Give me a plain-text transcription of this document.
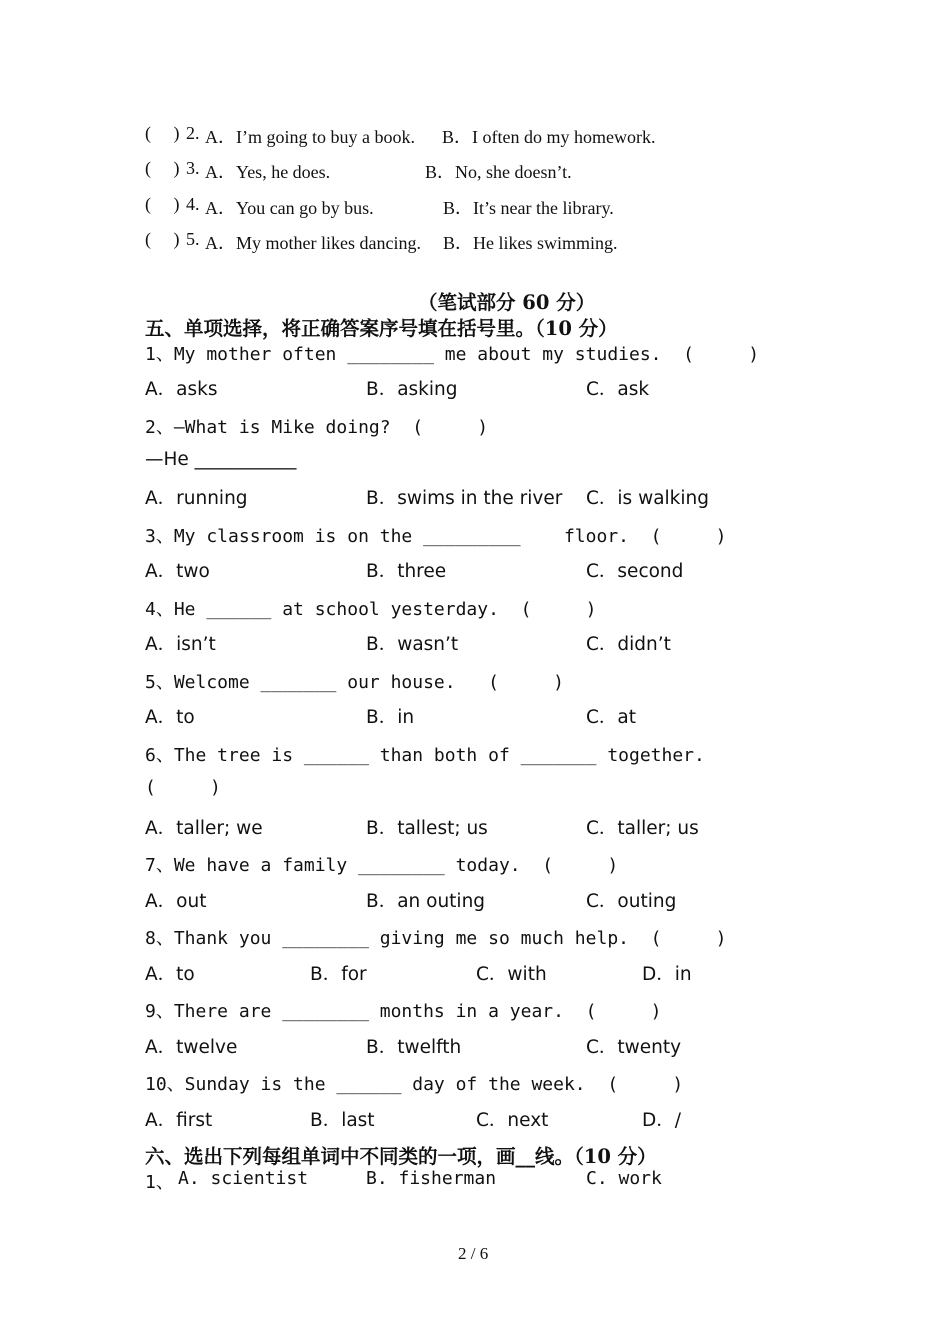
(     ) 2. A．I’m going to buy a book. B．I often do my homework.
(     ) 3. A．Yes, he does.	B．No, she doesn’t.
(     ) 4. A．You can go by bus.	B．It’s near the library.
(     ) 5. A．My mother likes dancing. B．He likes swimming.
（笔试部分 60 分）
五、单项选择，将正确答案序号填在括号里。（10 分）
1、My mother often ________ me about my studies.  (     )
A．asks	B．asking	C．ask
2、—What is Mike doing?  (     )
—He ___________
A．running	B．swims in the river C．is walking
3、My classroom is on the _________    floor.  (     )
A．two	B．three	C．second
4、He ______ at school yesterday.  (     )
A．isn’t	B．wasn’t	C．didn’t
5、Welcome _______ our house.   (     )
A．to	B．in	C．at
6、The tree is ______ than both of _______ together.
(     )
A．taller; we	B．tallest; us	C．taller; us
7、We have a family ________ today.  (     )
A．out	B．an outing	C．outing
8、Thank you ________ giving me so much help.  (     )
A．to	B．for	C．with	D．in
9、There are ________ months in a year.  (     )
A．twelve	B．twelfth	C．twenty
10、Sunday is the ______ day of the week.  (     )
A．first	B．last	C．next	D．/
六、选出下列每组单词中不同类的一项，画__线。（10 分）
1、 A. scientist	B. fisherman	C. work
2 / 6
